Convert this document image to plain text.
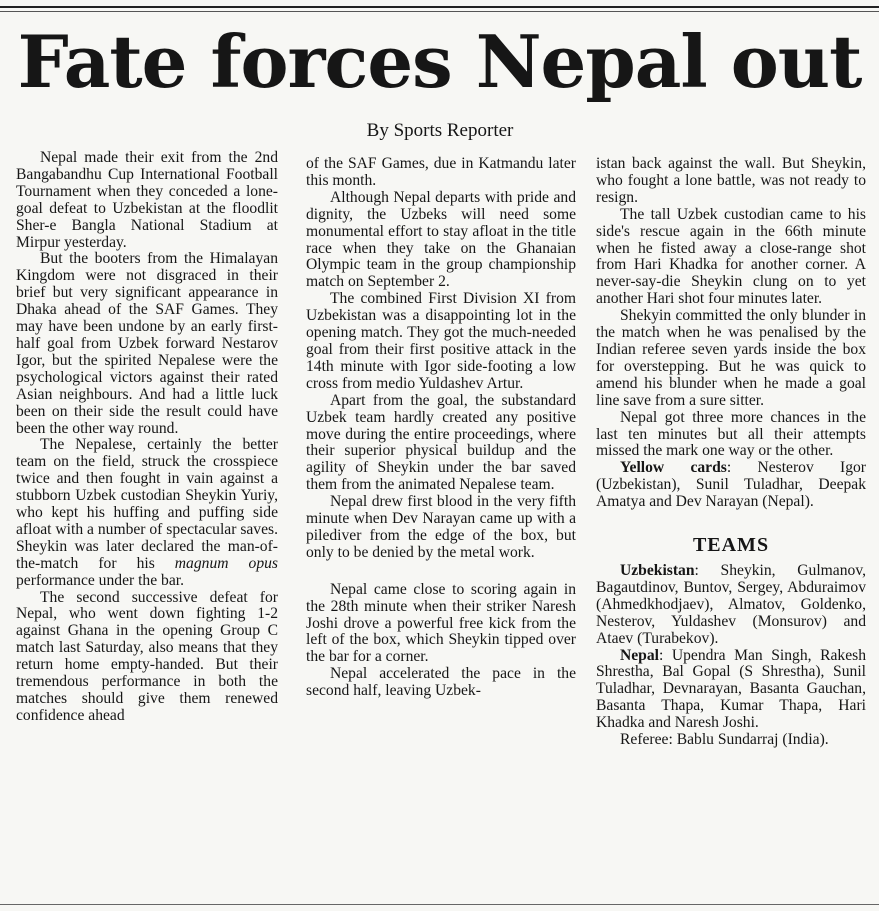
Fate forces Nepal out
By Sports Reporter

Nepal made their exit from the 2nd Bangabandhu Cup International Football Tournament when they conceded a lone-goal defeat to Uzbekistan at the floodlit Sher-e Bangla National Stadium at Mirpur yesterday.

But the booters from the Himalayan Kingdom were not disgraced in their brief but very significant appearance in Dhaka ahead of the SAF Games. They may have been undone by an early first-half goal from Uzbek forward Nestarov Igor, but the spirited Nepalese were the psychological victors against their rated Asian neighbours. And had a little luck been on their side the result could have been the other way round.

The Nepalese, certainly the better team on the field, struck the crosspiece twice and then fought in vain against a stubborn Uzbek custodian Sheykin Yuriy, who kept his huffing and puffing side afloat with a number of spectacular saves. Sheykin was later declared the man-of-the-match for his magnum opus performance under the bar.

The second successive defeat for Nepal, who went down fighting 1-2 against Ghana in the opening Group C match last Saturday, also means that they return home empty-handed. But their tremendous performance in both the matches should give them renewed confidence ahead

of the SAF Games, due in Katmandu later this month.

Although Nepal departs with pride and dignity, the Uzbeks will need some monumental effort to stay afloat in the title race when they take on the Ghanaian Olympic team in the group championship match on September 2.

The combined First Division XI from Uzbekistan was a disappointing lot in the opening match. They got the much-needed goal from their first positive attack in the 14th minute with Igor side-footing a low cross from medio Yuldashev Artur.

Apart from the goal, the substandard Uzbek team hardly created any positive move during the entire proceedings, where their superior physical buildup and the agility of Sheykin under the bar saved them from the animated Nepalese team.

Nepal drew first blood in the very fifth minute when Dev Narayan came up with a pilediver from the edge of the box, but only to be denied by the metal work.

Nepal came close to scoring again in the 28th minute when their striker Naresh Joshi drove a powerful free kick from the left of the box, which Sheykin tipped over the bar for a corner.

Nepal accelerated the pace in the second half, leaving Uzbek-

istan back against the wall. But Sheykin, who fought a lone battle, was not ready to resign.

The tall Uzbek custodian came to his side's rescue again in the 66th minute when he fisted away a close-range shot from Hari Khadka for another corner. A never-say-die Sheykin clung on to yet another Hari shot four minutes later.

Shekyin committed the only blunder in the match when he was penalised by the Indian referee seven yards inside the box for overstepping. But he was quick to amend his blunder when he made a goal line save from a sure sitter.

Nepal got three more chances in the last ten minutes but all their attempts missed the mark one way or the other.

Yellow cards: Nesterov Igor (Uzbekistan), Sunil Tuladhar, Deepak Amatya and Dev Narayan (Nepal).

TEAMS

Uzbekistan: Sheykin, Gulmanov, Bagautdinov, Buntov, Sergey, Abduraimov (Ahmedkhodjaev), Almatov, Goldenko, Nesterov, Yuldashev (Monsurov) and Ataev (Turabekov).

Nepal: Upendra Man Singh, Rakesh Shrestha, Bal Gopal (S Shrestha), Sunil Tuladhar, Devnarayan, Basanta Gauchan, Basanta Thapa, Kumar Thapa, Hari Khadka and Naresh Joshi.

Referee: Bablu Sundarraj (India).
